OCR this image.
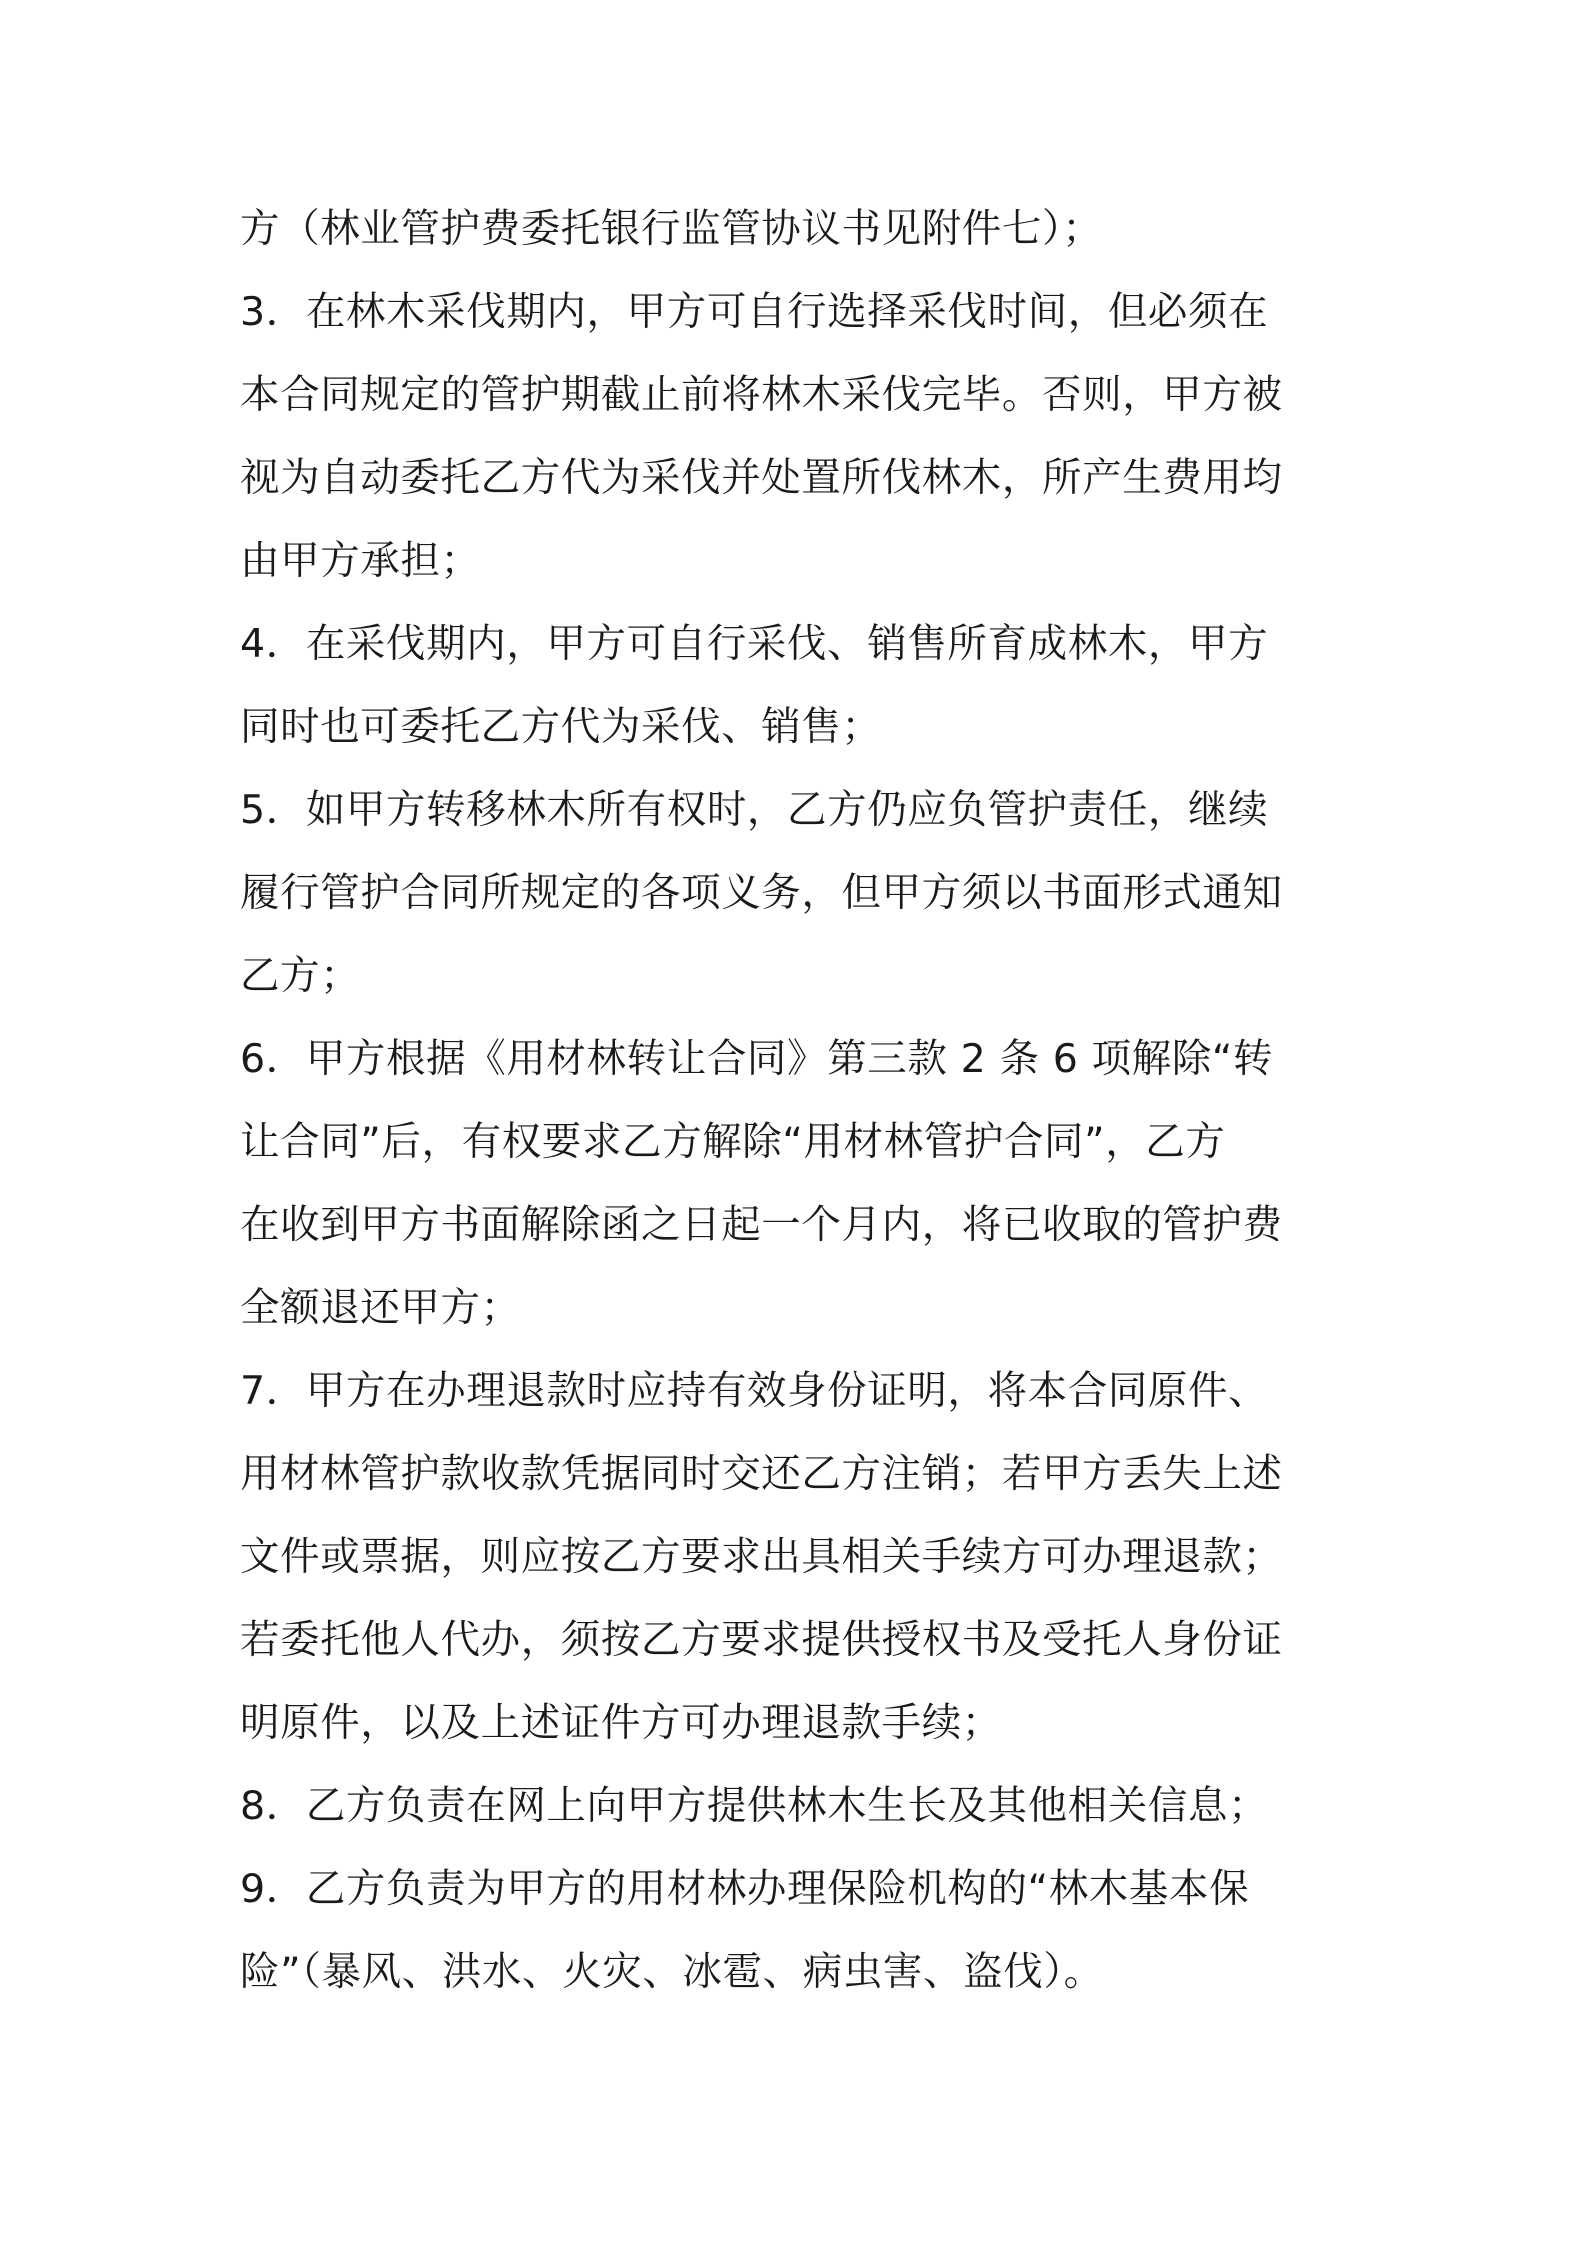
方（林业管护费委托银行监管协议书见附件七）；
3．在林木采伐期内，甲方可自行选择采伐时间，但必须在
本合同规定的管护期截止前将林木采伐完毕。否则，甲方被
视为自动委托乙方代为采伐并处置所伐林木，所产生费用均
由甲方承担；
4．在采伐期内，甲方可自行采伐、销售所育成林木，甲方
同时也可委托乙方代为采伐、销售；
5．如甲方转移林木所有权时，乙方仍应负管护责任，继续
履行管护合同所规定的各项义务，但甲方须以书面形式通知
乙方；
6．甲方根据《用材林转让合同》第三款 2 条 6 项解除“转
让合同”后，有权要求乙方解除“用材林管护合同”，乙方
在收到甲方书面解除函之日起一个月内，将已收取的管护费
全额退还甲方；
7．甲方在办理退款时应持有效身份证明，将本合同原件、
用材林管护款收款凭据同时交还乙方注销；若甲方丢失上述
文件或票据，则应按乙方要求出具相关手续方可办理退款；
若委托他人代办，须按乙方要求提供授权书及受托人身份证
明原件，以及上述证件方可办理退款手续；
8．乙方负责在网上向甲方提供林木生长及其他相关信息；
9．乙方负责为甲方的用材林办理保险机构的“林木基本保
险”（暴风、洪水、火灾、冰雹、病虫害、盗伐）。
